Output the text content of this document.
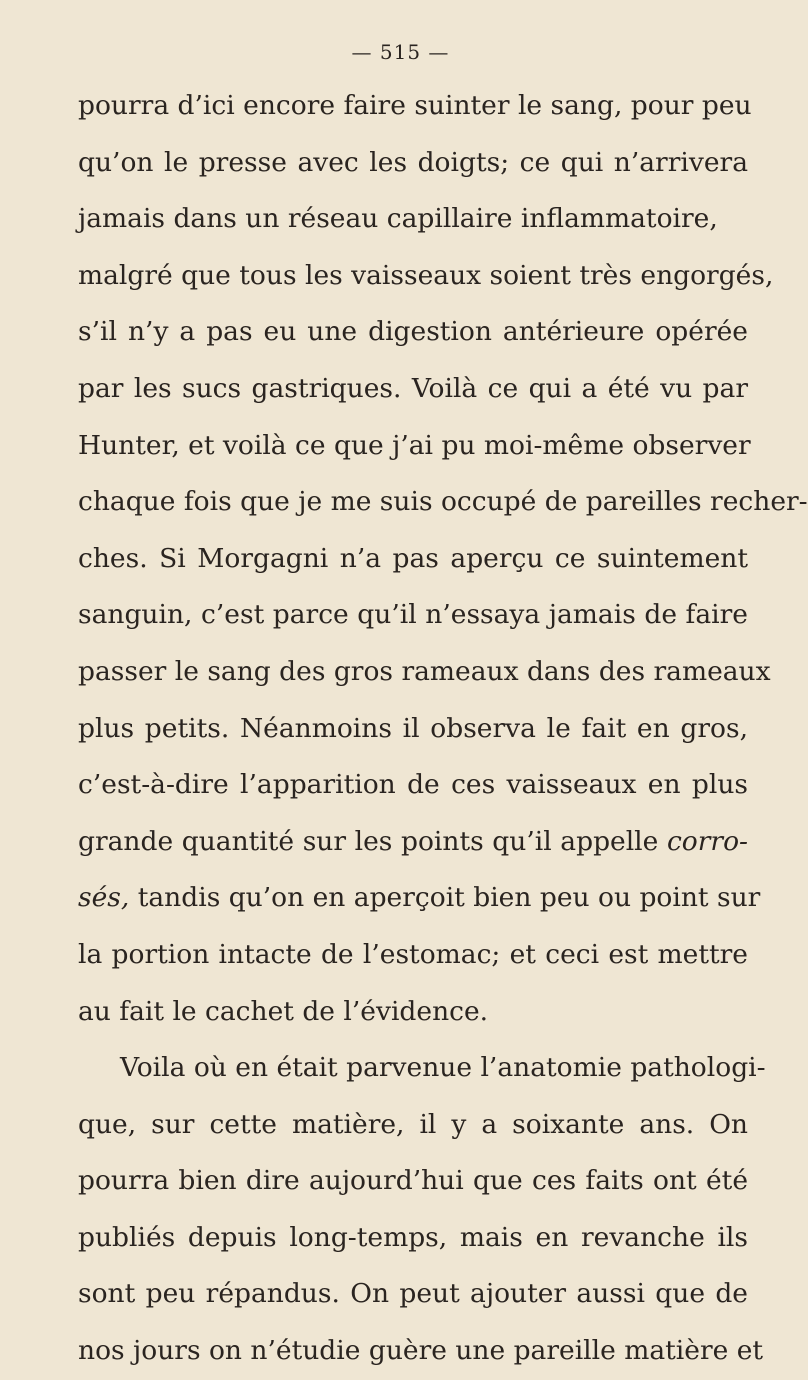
— 515 —
pourra d’ici encore faire suinter le sang, pour peu
qu’on le presse avec les doigts; ce qui n’arrivera
jamais dans un réseau capillaire inflammatoire,
malgré que tous les vaisseaux soient très engorgés,
s’il n’y a pas eu une digestion antérieure opérée
par les sucs gastriques. Voilà ce qui a été vu par
Hunter, et voilà ce que j’ai pu moi-même observer
chaque fois que je me suis occupé de pareilles recher-
ches. Si Morgagni n’a pas aperçu ce suintement
sanguin, c’est parce qu’il n’essaya jamais de faire
passer le sang des gros rameaux dans des rameaux
plus petits. Néanmoins il observa le fait en gros,
c’est-à-dire l’apparition de ces vaisseaux en plus
grande quantité sur les points qu’il appelle corro-
sés, tandis qu’on en aperçoit bien peu ou point sur
la portion intacte de l’estomac; et ceci est mettre
au fait le cachet de l’évidence.
Voila où en était parvenue l’anatomie pathologi-
que, sur cette matière, il y a soixante ans. On
pourra bien dire aujourd’hui que ces faits ont été
publiés depuis long-temps, mais en revanche ils
sont peu répandus. On peut ajouter aussi que de
nos jours on n’étudie guère une pareille matière et
